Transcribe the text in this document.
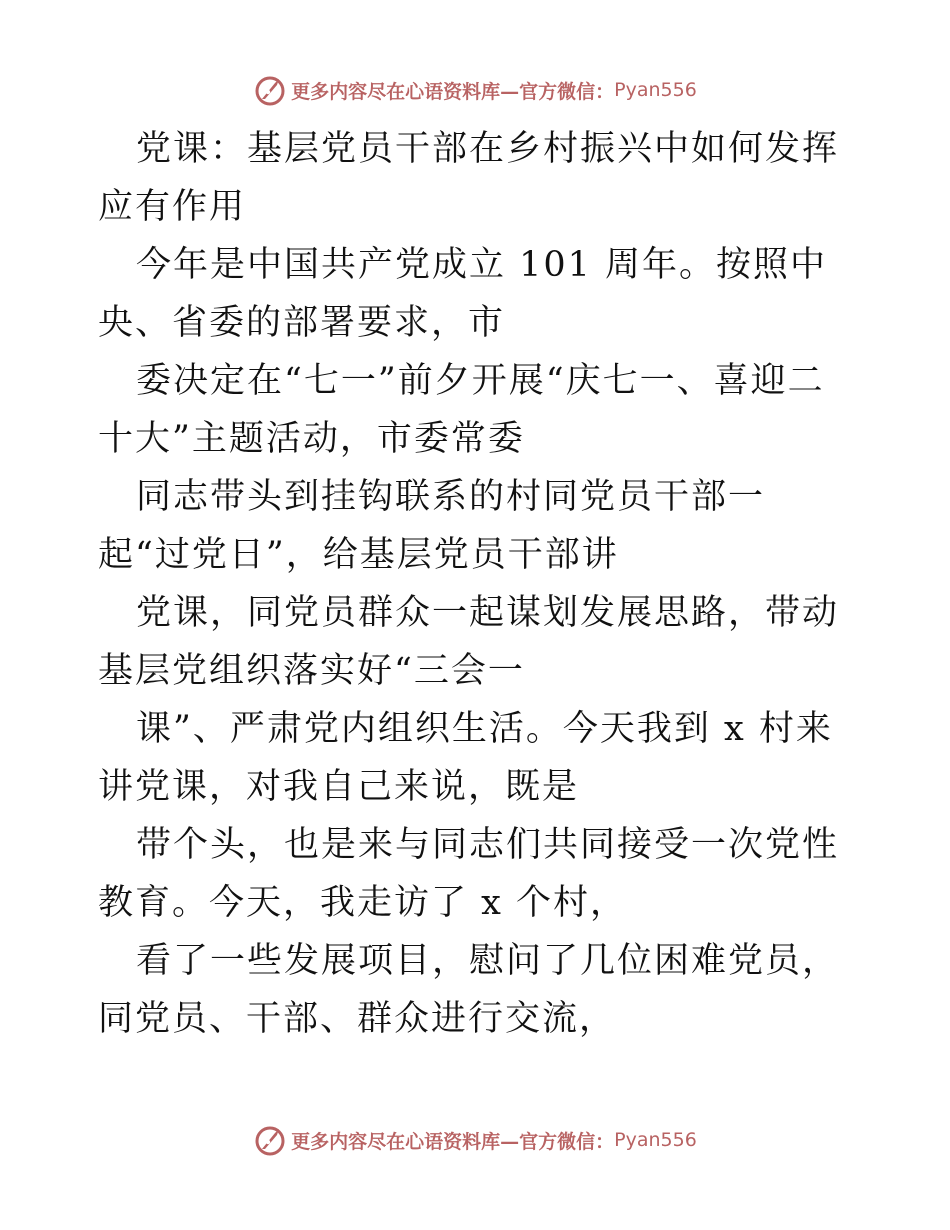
更多内容尽在心语资料库—官方微信： Pyan556

党课：基层党员干部在乡村振兴中如何发挥应有作用

今年是中国共产党成立 101 周年。按照中央、省委的部署要求，市

委决定在“七一”前夕开展“庆七一、喜迎二十大”主题活动，市委常委

同志带头到挂钩联系的村同党员干部一起“过党日”，给基层党员干部讲

党课，同党员群众一起谋划发展思路，带动基层党组织落实好“三会一

课”、严肃党内组织生活。今天我到 x 村来讲党课，对我自己来说，既是

带个头，也是来与同志们共同接受一次党性教育。今天，我走访了 x 个村，

看了一些发展项目，慰问了几位困难党员，同党员、干部、群众进行交流，

更多内容尽在心语资料库—官方微信： Pyan556
